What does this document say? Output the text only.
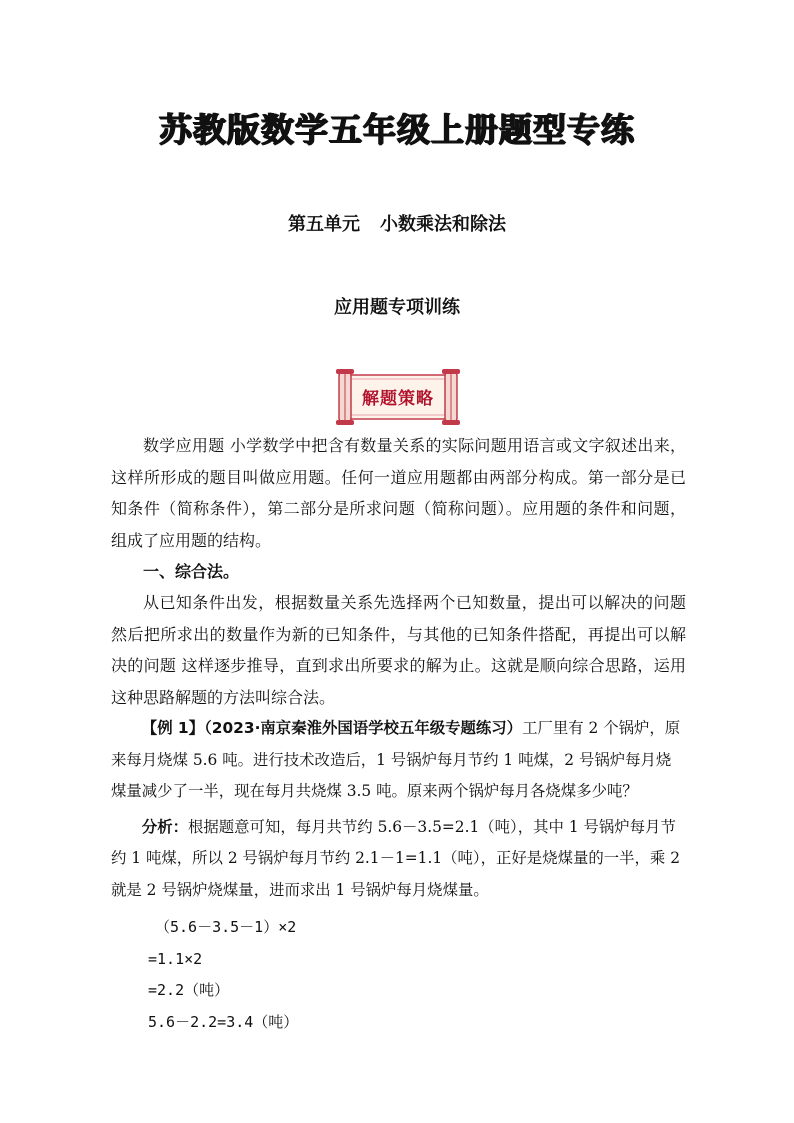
苏教版数学五年级上册题型专练
第五单元 小数乘法和除法
应用题专项训练
解题策略

数学应用题 小学数学中把含有数量关系的实际问题用语言或文字叙述出来，这样所形成的题目叫做应用题。任何一道应用题都由两部分构成。第一部分是已知条件（简称条件），第二部分是所求问题（简称问题）。应用题的条件和问题，组成了应用题的结构。

一、综合法。

从已知条件出发，根据数量关系先选择两个已知数量，提出可以解决的问题然后把所求出的数量作为新的已知条件，与其他的已知条件搭配，再提出可以解决的问题 这样逐步推导，直到求出所要求的解为止。这就是顺向综合思路，运用这种思路解题的方法叫综合法。

【例 1】（2023·南京秦淮外国语学校五年级专题练习）工厂里有 2 个锅炉，原来每月烧煤 5.6 吨。进行技术改造后，1 号锅炉每月节约 1 吨煤，2 号锅炉每月烧煤量减少了一半，现在每月共烧煤 3.5 吨。原来两个锅炉每月各烧煤多少吨？

分析：根据题意可知，每月共节约 5.6－3.5=2.1（吨），其中 1 号锅炉每月节约 1 吨煤，所以 2 号锅炉每月节约 2.1－1=1.1（吨），正好是烧煤量的一半，乘 2 就是 2 号锅炉烧煤量，进而求出 1 号锅炉每月烧煤量。

（5.6－3.5－1）×2

=1.1×2

=2.2（吨）

5.6－2.2=3.4（吨）
